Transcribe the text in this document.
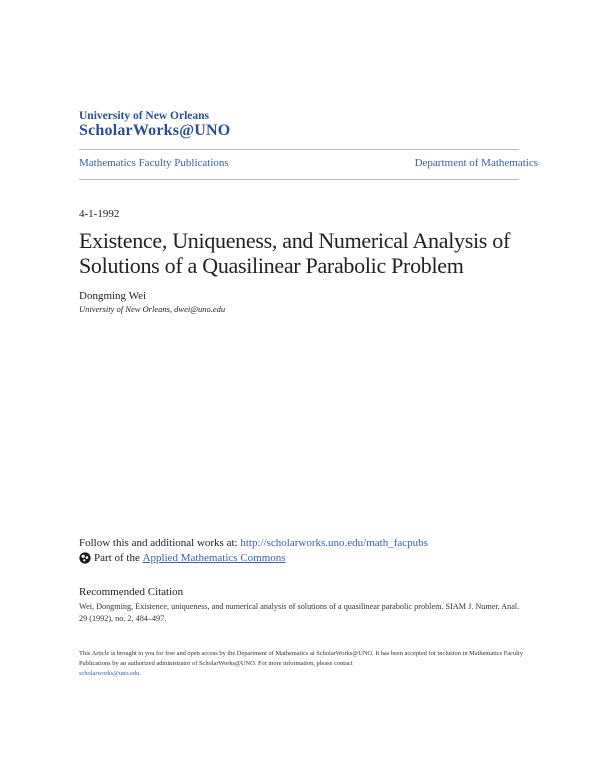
University of New Orleans
ScholarWorks@UNO
Mathematics Faculty Publications	Department of Mathematics
4-1-1992
Existence, Uniqueness, and Numerical Analysis of Solutions of a Quasilinear Parabolic Problem
Dongming Wei
University of New Orleans, dwei@uno.edu
Follow this and additional works at: http://scholarworks.uno.edu/math_facpubs
Part of the Applied Mathematics Commons
Recommended Citation
Wei, Dongming, Existence, uniqueness, and numerical analysis of solutions of a quasilinear parabolic problem. SIAM J. Numer. Anal. 29 (1992), no. 2, 484–497.
This Article is brought to you for free and open access by the Department of Mathematics at ScholarWorks@UNO. It has been accepted for inclusion in Mathematics Faculty Publications by an authorized administrator of ScholarWorks@UNO. For more information, please contact
scholarworks@uno.edu.
